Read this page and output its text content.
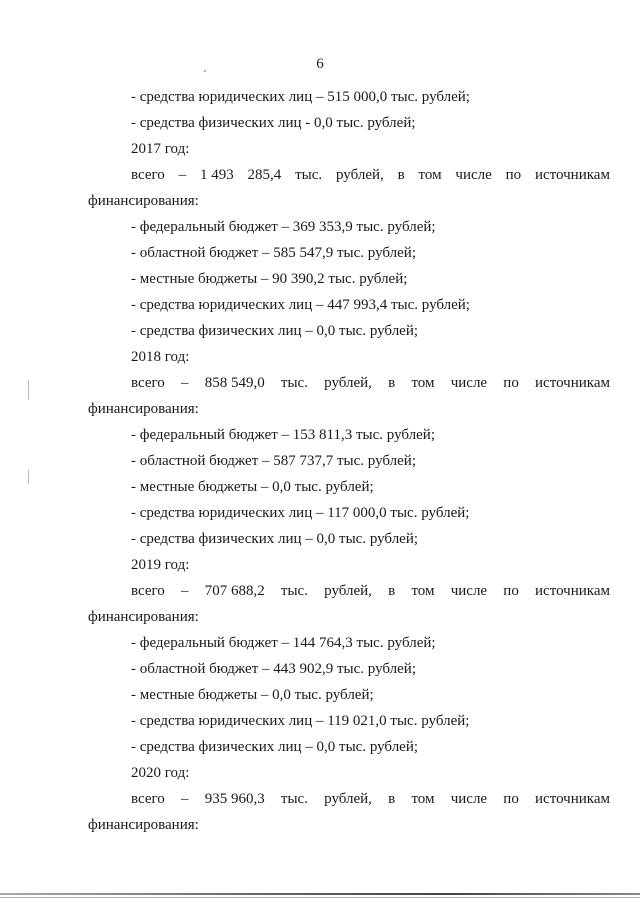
6
- средства юридических лиц – 515 000,0 тыс. рублей;
- средства физических лиц - 0,0 тыс. рублей;
2017 год:
всего – 1 493 285,4 тыс. рублей, в том числе по источникам
финансирования:
- федеральный бюджет – 369 353,9 тыс. рублей;
- областной бюджет – 585 547,9 тыс. рублей;
- местные бюджеты – 90 390,2 тыс. рублей;
- средства юридических лиц – 447 993,4 тыс. рублей;
- средства физических лиц – 0,0 тыс. рублей;
2018 год:
всего – 858 549,0 тыс. рублей, в том числе по источникам
финансирования:
- федеральный бюджет – 153 811,3 тыс. рублей;
- областной бюджет – 587 737,7 тыс. рублей;
- местные бюджеты – 0,0 тыс. рублей;
- средства юридических лиц – 117 000,0 тыс. рублей;
- средства физических лиц – 0,0 тыс. рублей;
2019 год:
всего – 707 688,2 тыс. рублей, в том числе по источникам
финансирования:
- федеральный бюджет – 144 764,3 тыс. рублей;
- областной бюджет – 443 902,9 тыс. рублей;
- местные бюджеты – 0,0 тыс. рублей;
- средства юридических лиц – 119 021,0 тыс. рублей;
- средства физических лиц – 0,0 тыс. рублей;
2020 год:
всего – 935 960,3 тыс. рублей, в том числе по источникам
финансирования:
